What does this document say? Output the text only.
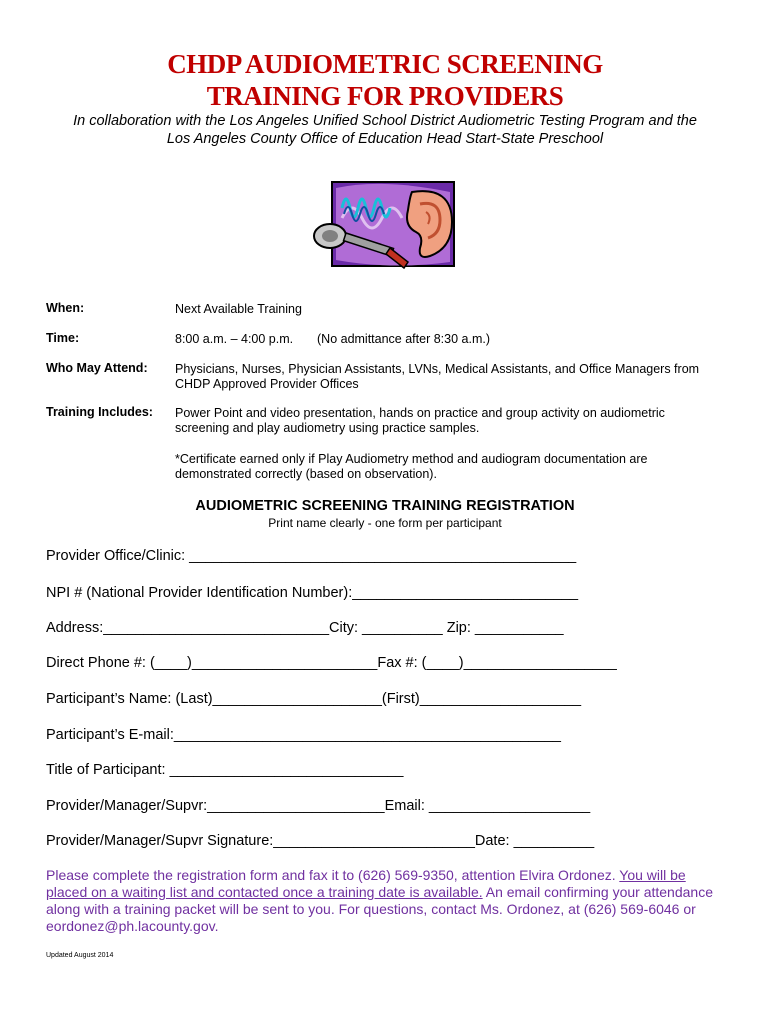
CHDP AUDIOMETRIC SCREENING
TRAINING FOR PROVIDERS
In collaboration with the Los Angeles Unified School District Audiometric Testing Program and the
Los Angeles County Office of Education Head Start-State Preschool
When:	Next Available Training
Time:	8:00 a.m. – 4:00 p.m. (No admittance after 8:30 a.m.)
Who May Attend: Physicians, Nurses, Physician Assistants, LVNs, Medical Assistants, and Office Managers from
CHDP Approved Provider Offices
Training Includes: Power Point and video presentation, hands on practice and group activity on audiometric
screening and play audiometry using practice samples.
*Certificate earned only if Play Audiometry method and audiogram documentation are
demonstrated correctly (based on observation).
AUDIOMETRIC SCREENING TRAINING REGISTRATION
Print name clearly - one form per participant
Provider Office/Clinic: ________________________________________________
NPI # (National Provider Identification Number):____________________________
Address:____________________________City: __________ Zip: ___________
Direct Phone #: (____)_______________________Fax #: (____)___________________
Participant’s Name: (Last)_____________________(First)____________________
Participant’s E-mail:________________________________________________
Title of Participant: _____________________________
Provider/Manager/Supvr:______________________Email: ____________________
Provider/Manager/Supvr Signature:_________________________Date: __________
Please complete the registration form and fax it to (626) 569-9350, attention Elvira Ordonez. You will be placed on a waiting list and contacted once a training date is available. An email confirming your attendance along with a training packet will be sent to you. For questions, contact Ms. Ordonez, at (626) 569-6046 or eordonez@ph.lacounty.gov.
Updated August 2014
